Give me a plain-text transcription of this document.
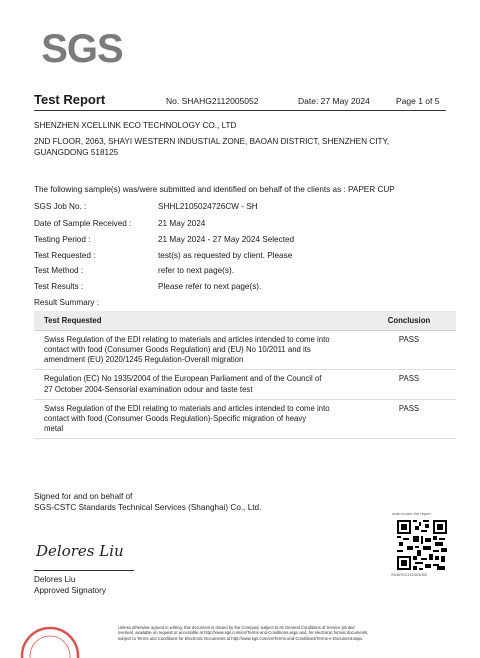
SGS
Test Report	No. SHAHG2112005052	Date: 27 May 2024	Page 1 of 5
SHENZHEN XCELLINK ECO TECHNOLOGY CO., LTD
2ND FLOOR, 2063, SHAYI WESTERN INDUSTIAL ZONE, BAOAN DISTRICT, SHENZHEN CITY,
GUANGDONG 518125
The following sample(s) was/were submitted and identified on behalf of the clients as : PAPER CUP
SGS Job No. :	SHHL2105024726CW - SH
Date of Sample Received :	21 May 2024
Testing Period :	21 May 2024 - 27 May 2024 Selected
Test Requested :	test(s) as requested by client. Please
Test Method :	refer to next page(s).
Test Results :	Please refer to next page(s).
Result Summary :
Test Requested	Conclusion

Swiss Regulation of the EDI relating to materials and articles intended to come into
contact with food (Consumer Goods Regulation) and (EU) No 10/2011 and its
amendment (EU) 2020/1245 Regulation-Overall migration	PASS

Regulation (EC) No 1935/2004 of the European Parliament and of the Council of
27 October 2004-Sensorial examination odour and taste test	PASS

Swiss Regulation of the EDI relating to materials and articles intended to come into
contact with food (Consumer Goods Regulation)-Specific migration of heavy
metal	PASS
Signed for and on behalf of
SGS-CSTC Standards Technical Services (Shanghai) Co., Ltd.
Delores Liu
Delores Liu
Approved Signatory
scan to see the report
SHAHG2112005052
Unless otherwise agreed in writing, this document is issued by the Company subject to its General Conditions of Service printed
overleaf, available on request or accessible at http://www.sgs.com/en/Terms-and-Conditions.aspx and, for electronic format documents,
subject to Terms and Conditions for Electronic Documents at http://www.sgs.com/en/Terms-and-Conditions/Terms-e-Document.aspx.
